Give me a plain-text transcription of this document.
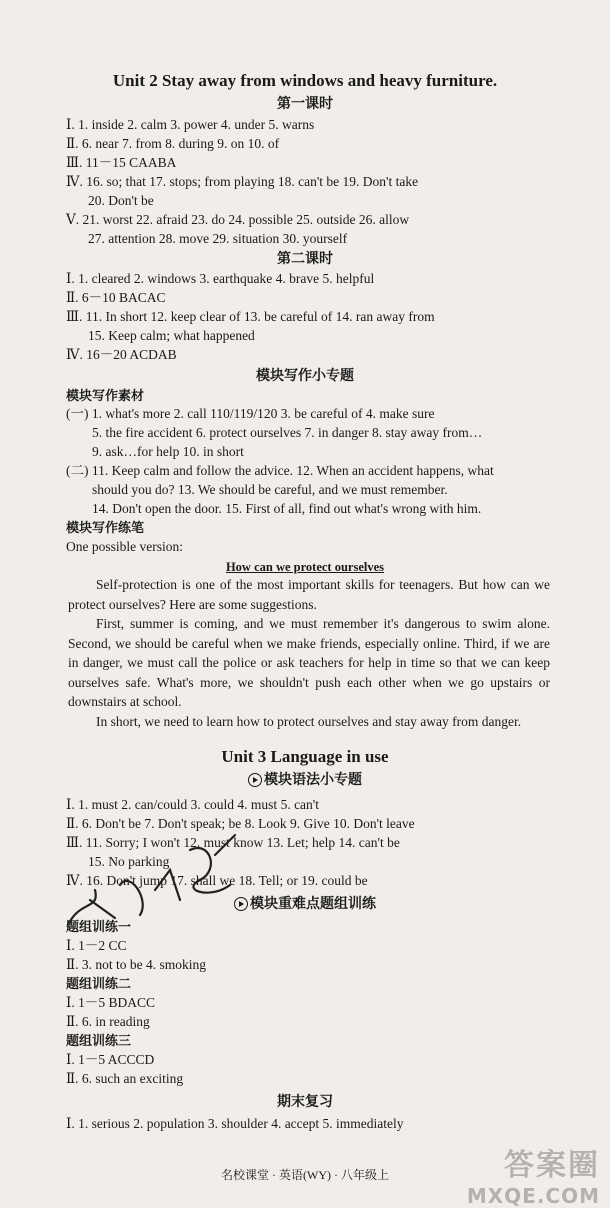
Unit 2 Stay away from windows and heavy furniture.
第一课时
Ⅰ. 1. inside 2. calm 3. power 4. under 5. warns
Ⅱ. 6. near 7. from 8. during 9. on 10. of
Ⅲ. 11－15 CAABA
Ⅳ. 16. so; that 17. stops; from playing 18. can't be 19. Don't take
20. Don't be
Ⅴ. 21. worst 22. afraid 23. do 24. possible 25. outside 26. allow
27. attention 28. move 29. situation 30. yourself
第二课时
Ⅰ. 1. cleared 2. windows 3. earthquake 4. brave 5. helpful
Ⅱ. 6－10 BACAC
Ⅲ. 11. In short 12. keep clear of 13. be careful of 14. ran away from
15. Keep calm; what happened
Ⅳ. 16－20 ACDAB
模块写作小专题
模块写作素材
(一) 1. what's more 2. call 110/119/120 3. be careful of 4. make sure
5. the fire accident 6. protect ourselves 7. in danger 8. stay away from…
9. ask…for help 10. in short
(二) 11. Keep calm and follow the advice. 12. When an accident happens, what
should you do? 13. We should be careful, and we must remember.
14. Don't open the door. 15. First of all, find out what's wrong with him.
模块写作练笔
One possible version:
How can we protect ourselves

Self-protection is one of the most important skills for teenagers. But how can we protect ourselves? Here are some suggestions.

First, summer is coming, and we must remember it's dangerous to swim alone. Second, we should be careful when we make friends, especially online. Third, if we are in danger, we must call the police or ask teachers for help in time so that we can keep ourselves safe. What's more, we shouldn't push each other when we go upstairs or downstairs at school.

In short, we need to learn how to protect ourselves and stay away from danger.

Unit 3 Language in use
模块语法小专题
Ⅰ. 1. must 2. can/could 3. could 4. must 5. can't
Ⅱ. 6. Don't be 7. Don't speak; be 8. Look 9. Give 10. Don't leave
Ⅲ. 11. Sorry; I won't 12. must know 13. Let; help 14. can't be
15. No parking
Ⅳ. 16. Don't jump 17. shall we 18. Tell; or 19. could be
模块重难点题组训练
题组训练一
Ⅰ. 1－2 CC
Ⅱ. 3. not to be 4. smoking
题组训练二
Ⅰ. 1－5 BDACC
Ⅱ. 6. in reading
题组训练三
Ⅰ. 1－5 ACCCD
Ⅱ. 6. such an exciting
期末复习
Ⅰ. 1. serious 2. population 3. shoulder 4. accept 5. immediately
名校课堂 · 英语(WY) · 八年级上	答案圈
MXQE.COM
